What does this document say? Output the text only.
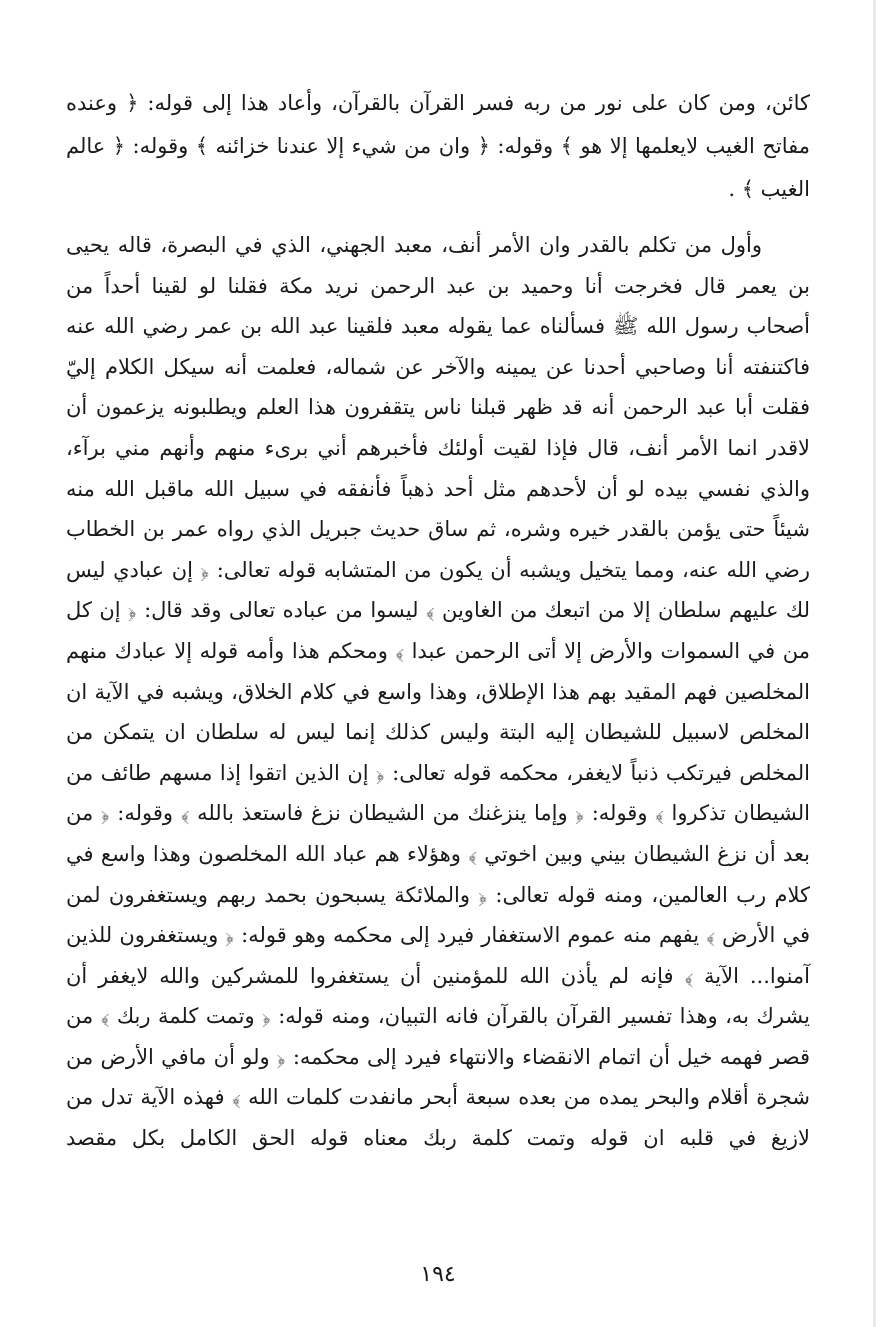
كائن، ومن كان على نور من ربه فسر القرآن بالقرآن، وأعاد هذا إلى قوله: ﴿ وعنده مفاتح الغيب لايعلمها إلا هو ﴾ وقوله: ﴿ وان من شيء إلا عندنا خزائنه ﴾ وقوله: ﴿ عالم الغيب ﴾ .

وأول من تكلم بالقدر وان الأمر أنف، معبد الجهني، الذي في البصرة، قاله يحيى بن يعمر قال فخرجت أنا وحميد بن عبد الرحمن نريد مكة فقلنا لو لقينا أحداً من أصحاب رسول الله ﷺ فسألناه عما يقوله معبد فلقينا عبد الله بن عمر رضي الله عنه فاكتنفته أنا وصاحبي أحدنا عن يمينه والآخر عن شماله، فعلمت أنه سيكل الكلام إليّ فقلت أبا عبد الرحمن أنه قد ظهر قبلنا ناس يتقفرون هذا العلم ويطلبونه يزعمون أن لاقدر انما الأمر أنف، قال فإذا لقيت أولئك فأخبرهم أني برىء منهم وأنهم مني برآء، والذي نفسي بيده لو أن لأحدهم مثل أحد ذهباً فأنفقه في سبيل الله ماقبل الله منه شيئاً حتى يؤمن بالقدر خيره وشره، ثم ساق حديث جبريل الذي رواه عمر بن الخطاب رضي الله عنه، ومما يتخيل ويشبه أن يكون من المتشابه قوله تعالى: ﴿ إن عبادي ليس لك عليهم سلطان إلا من اتبعك من الغاوين ﴾ ليسوا من عباده تعالى وقد قال: ﴿ إن كل من في السموات والأرض إلا أتى الرحمن عبدا ﴾ ومحكم هذا وأمه قوله إلا عبادك منهم المخلصين فهم المقيد بهم هذا الإطلاق، وهذا واسع في كلام الخلاق، ويشبه في الآية ان المخلص لاسبيل للشيطان إليه البتة وليس كذلك إنما ليس له سلطان ان يتمكن من المخلص فيرتكب ذنباً لايغفر، محكمه قوله تعالى: ﴿ إن الذين اتقوا إذا مسهم طائف من الشيطان تذكروا ﴾ وقوله: ﴿ وإما ينزغنك من الشيطان نزغ فاستعذ بالله ﴾ وقوله: ﴿ من بعد أن نزغ الشيطان بيني وبين اخوتي ﴾ وهؤلاء هم عباد الله المخلصون وهذا واسع في كلام رب العالمين، ومنه قوله تعالى: ﴿ والملائكة يسبحون بحمد ربهم ويستغفرون لمن في الأرض ﴾ يفهم منه عموم الاستغفار فيرد إلى محكمه وهو قوله: ﴿ ويستغفرون للذين آمنوا... الآية ﴾ فإنه لم يأذن الله للمؤمنين أن يستغفروا للمشركين والله لايغفر أن يشرك به، وهذا تفسير القرآن بالقرآن فانه التبيان، ومنه قوله: ﴿ وتمت كلمة ربك ﴾ من قصر فهمه خيل أن اتمام الانقضاء والانتهاء فيرد إلى محكمه: ﴿ ولو أن مافي الأرض من شجرة أقلام والبحر يمده من بعده سبعة أبحر مانفدت كلمات الله ﴾ فهذه الآية تدل من لازيغ في قلبه ان قوله وتمت كلمة ربك معناه قوله الحق الكامل بكل مقصد

١٩٤
